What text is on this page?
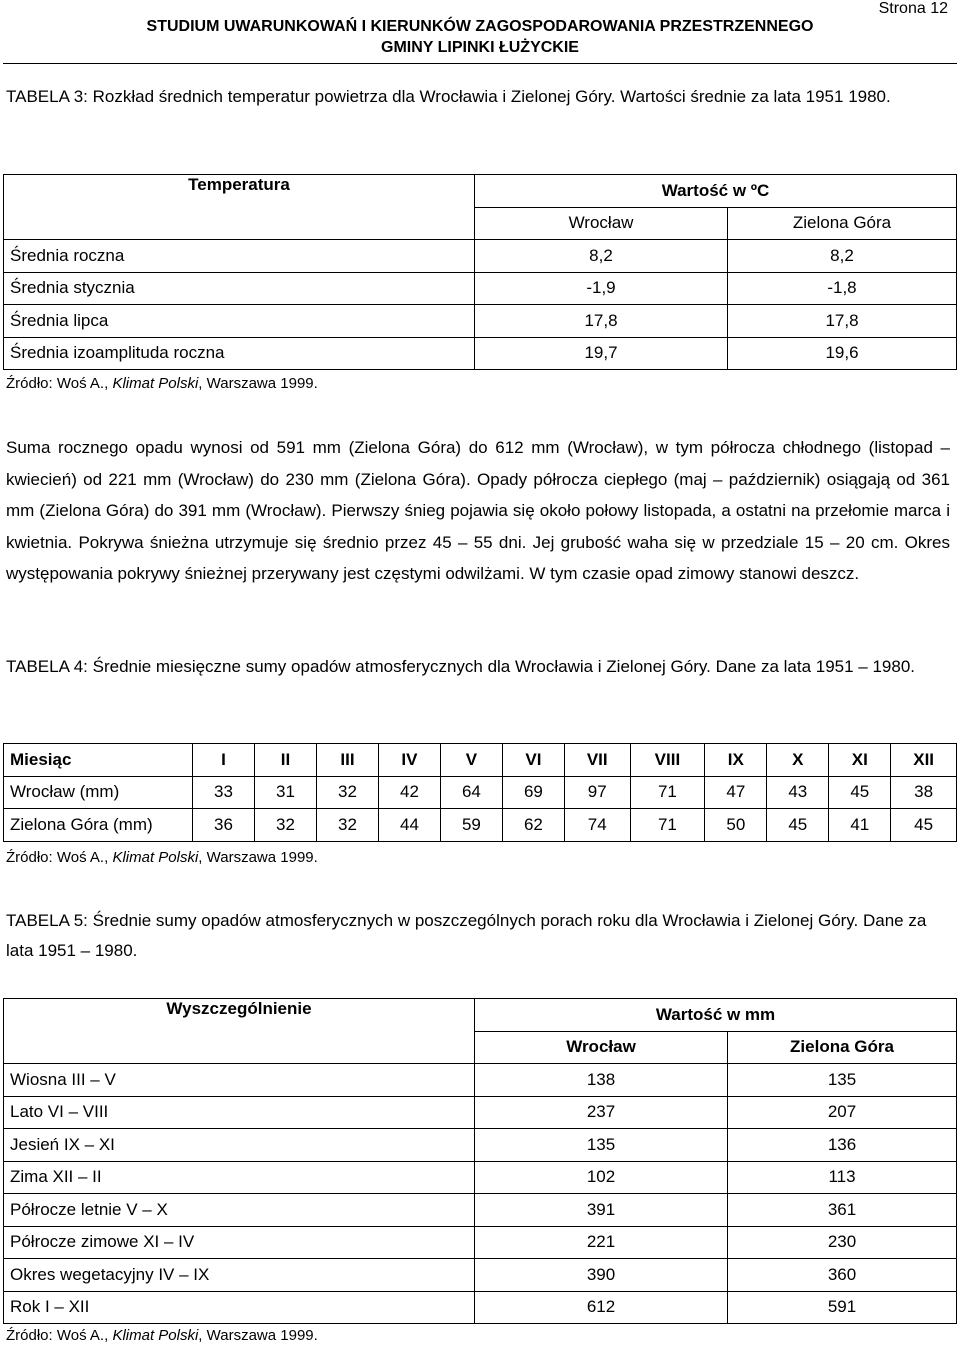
Strona 12
STUDIUM UWARUNKOWAŃ I KIERUNKÓW ZAGOSPODAROWANIA PRZESTRZENNEGO
GMINY LIPINKI ŁUŻYCKIE
TABELA 3: Rozkład średnich temperatur powietrza dla Wrocławia i Zielonej Góry. Wartości średnie za lata 1951 1980.
Temperatura	Wartość w ºC	
	Wrocław	Zielona Góra
Średnia roczna	8,2	8,2
Średnia stycznia	-1,9	-1,8
Średnia lipca	17,8	17,8
Średnia izoamplituda roczna	19,7	19,6
Źródło: Woś A., Klimat Polski, Warszawa 1999.
Suma rocznego opadu wynosi od 591 mm (Zielona Góra) do 612 mm (Wrocław), w tym półrocza chłodnego (listopad – kwiecień) od 221 mm (Wrocław) do 230 mm (Zielona Góra). Opady półrocza ciepłego (maj – październik) osiągają od 361 mm (Zielona Góra) do 391 mm (Wrocław). Pierwszy śnieg pojawia się około połowy listopada, a ostatni na przełomie marca i kwietnia. Pokrywa śnieżna utrzymuje się średnio przez 45 – 55 dni. Jej grubość waha się w przedziale 15 – 20 cm. Okres występowania pokrywy śnieżnej przerywany jest częstymi odwilżami. W tym czasie opad zimowy stanowi deszcz.
TABELA 4: Średnie miesięczne sumy opadów atmosferycznych dla Wrocławia i Zielonej Góry. Dane za lata 1951 – 1980.
Miesiąc	I	II	III	IV	V	VI	VII	VIII	IX	X	XI	XII
Wrocław (mm)	33	31	32	42	64	69	97	71	47	43	45	38
Zielona Góra (mm)	36	32	32	44	59	62	74	71	50	45	41	45
Źródło: Woś A., Klimat Polski, Warszawa 1999.
TABELA 5: Średnie sumy opadów atmosferycznych w poszczególnych porach roku dla Wrocławia i Zielonej Góry. Dane za lata 1951 – 1980.
Wyszczególnienie	Wartość w mm	
	Wrocław	Zielona Góra
Wiosna III – V	138	135
Lato VI – VIII	237	207
Jesień IX – XI	135	136
Zima XII – II	102	113
Półrocze letnie V – X	391	361
Półrocze zimowe XI – IV	221	230
Okres wegetacyjny IV – IX	390	360
Rok I – XII	612	591
Źródło: Woś A., Klimat Polski, Warszawa 1999.
